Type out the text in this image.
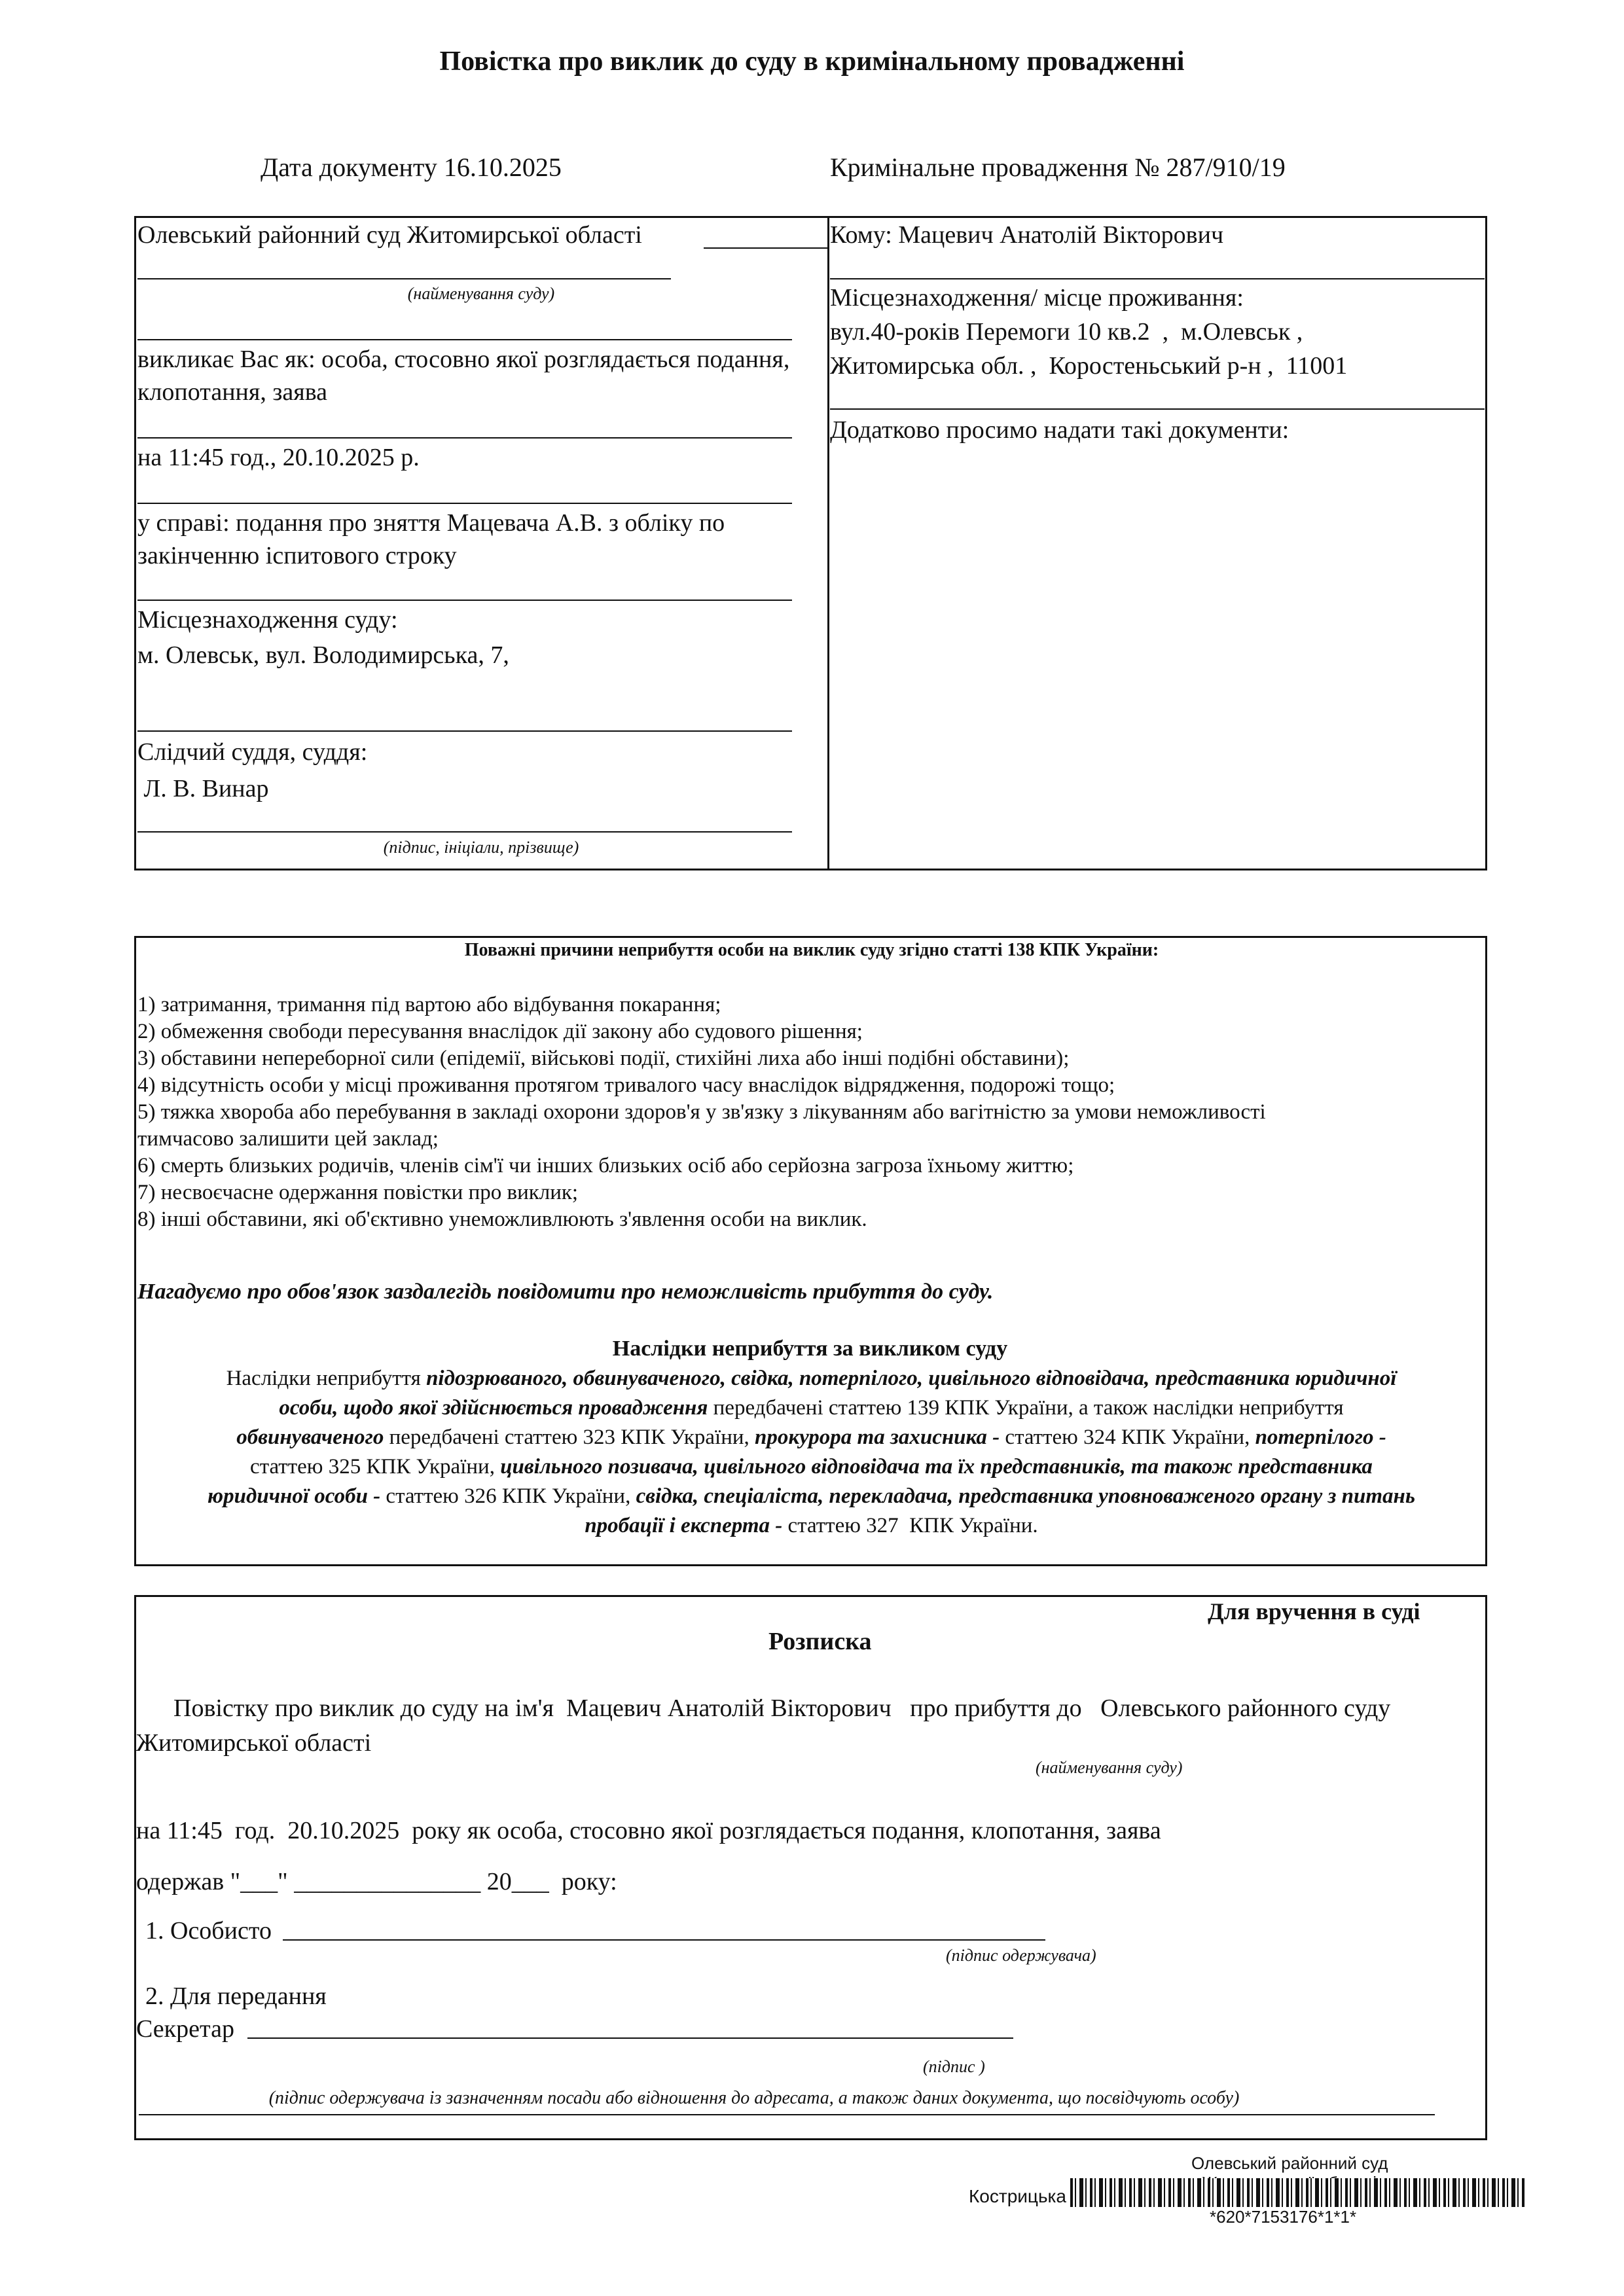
Повістка про виклик до суду в кримінальному провадженні
Дата документу 16.10.2025	Кримінальне провадження № 287/910/19
Олевський районний суд Житомирської області
(найменування суду)
викликає Вас як: особа, стосовно якої розглядається подання, клопотання, заява
на 11:45 год., 20.10.2025 р.
у справі: подання про зняття Мацевача А.В. з обліку по закінченню іспитового строку
Місцезнаходження суду:
м. Олевськ, вул. Володимирська, 7,
Слідчий суддя, суддя:
Л. В. Винар
(підпис, ініціали, прізвище)
Кому: Мацевич Анатолій Вікторович
Місцезнаходження/ місце проживання:
вул.40-років Перемоги 10 кв.2  ,  м.Олевськ ,
Житомирська обл. ,  Коростеньський р-н ,  11001
Додатково просимо надати такі документи:
Поважні причини неприбуття особи на виклик суду згідно статті 138 КПК України:
1) затримання, тримання під вартою або відбування покарання;
2) обмеження свободи пересування внаслідок дії закону або судового рішення;
3) обставини непереборної сили (епідемії, військові події, стихійні лиха або інші подібні обставини);
4) відсутність особи у місці проживання протягом тривалого часу внаслідок відрядження, подорожі тощо;
5) тяжка хвороба або перебування в закладі охорони здоров'я у зв'язку з лікуванням або вагітністю за умови неможливості
тимчасово залишити цей заклад;
6) смерть близьких родичів, членів сім'ї чи інших близьких осіб або серйозна загроза їхньому життю;
7) несвоєчасне одержання повістки про виклик;
8) інші обставини, які об'єктивно унеможливлюють з'явлення особи на виклик.
Нагадуємо про обов'язок заздалегідь повідомити про неможливість прибуття до суду.
Наслідки неприбуття за викликом суду
Наслідки неприбуття підозрюваного, обвинуваченого, свідка, потерпілого, цивільного відповідача, представника юридичної
особи, щодо якої здійснюється провадження передбачені статтею 139 КПК України, а також наслідки неприбуття
обвинуваченого передбачені статтею 323 КПК України, прокурора та захисника - статтею 324 КПК України, потерпілого -
статтею 325 КПК України, цивільного позивача, цивільного відповідача та їх представників, та також представника
юридичної особи - статтею 326 КПК України, свідка, спеціаліста, перекладача, представника уповноваженого органу з питань
пробації і експерта - статтею 327  КПК України.
Для вручення в суді
Розписка
Повістку про виклик до суду на ім'я  Мацевич Анатолій Вікторович   про прибуття до   Олевського районного суду
Житомирської області
(найменування суду)
на 11:45  год.  20.10.2025  року як особа, стосовно якої розглядається подання, клопотання, заява
одержав "___" _______________ 20___  року:
1. Особисто
(підпис одержувача)
2. Для передання
Секретар
(підпис )
(підпис одержувача із зазначенням посади або відношення до адресата, а також даних документа, що посвідчують особу)
Олевський районний суд
Кострицька
*620*7153176*1*1*
